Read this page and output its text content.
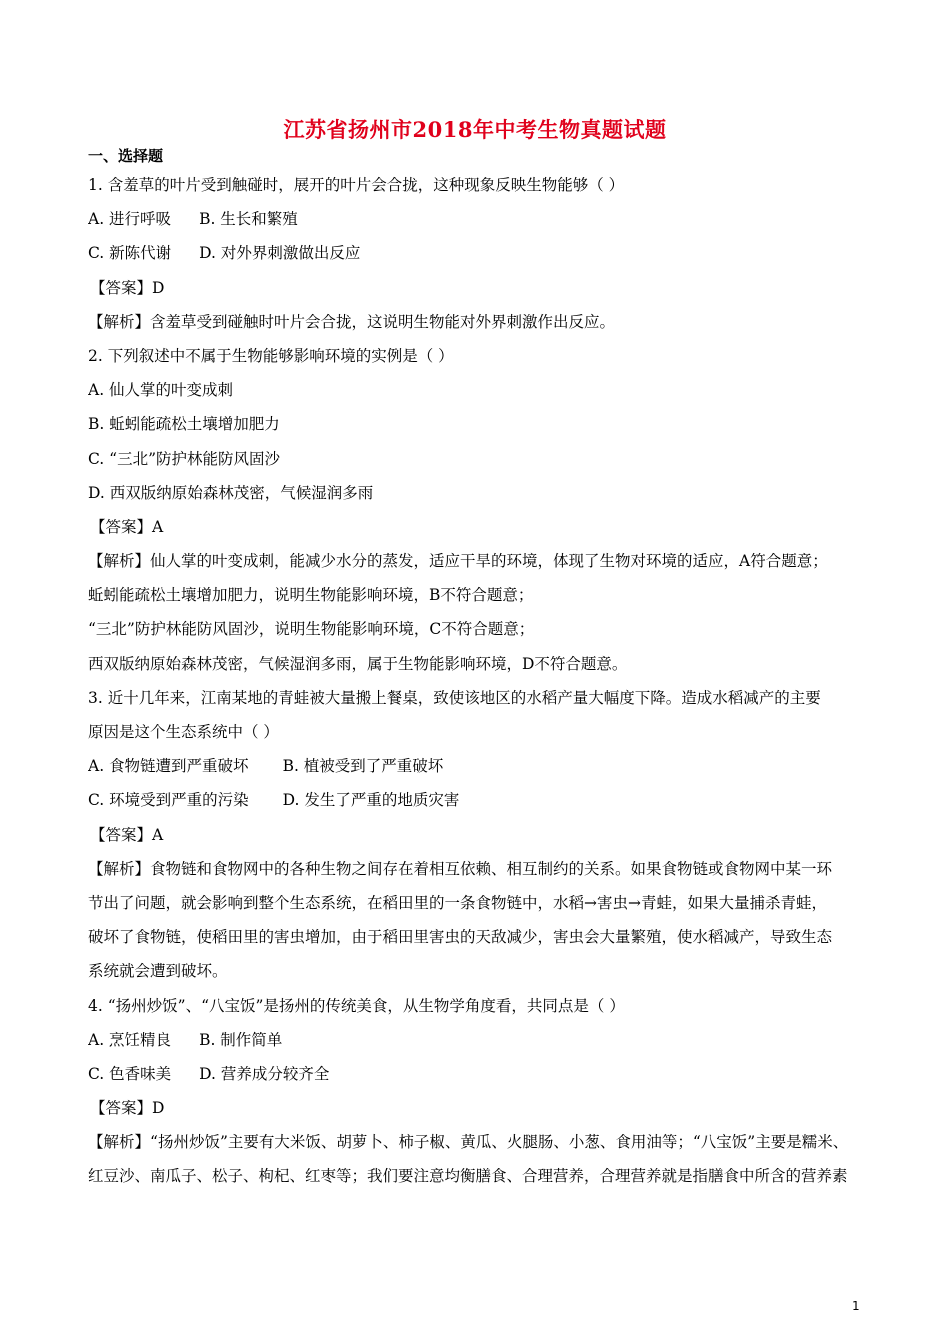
江苏省扬州市2018年中考生物真题试题
一、选择题
1. 含羞草的叶片受到触碰时，展开的叶片会合拢，这种现象反映生物能够（ ）
A. 进行呼吸 B. 生长和繁殖
C. 新陈代谢 D. 对外界刺激做出反应
【答案】D
【解析】含羞草受到碰触时叶片会合拢，这说明生物能对外界刺激作出反应。
2. 下列叙述中不属于生物能够影响环境的实例是（ ）
A. 仙人掌的叶变成刺
B. 蚯蚓能疏松土壤增加肥力
C. “三北”防护林能防风固沙
D. 西双版纳原始森林茂密，气候湿润多雨
【答案】A
【解析】仙人掌的叶变成刺，能减少水分的蒸发，适应干旱的环境，体现了生物对环境的适应，A符合题意；
蚯蚓能疏松土壤增加肥力，说明生物能影响环境，B不符合题意；
“三北”防护林能防风固沙，说明生物能影响环境，C不符合题意；
西双版纳原始森林茂密，气候湿润多雨，属于生物能影响环境，D不符合题意。
3. 近十几年来，江南某地的青蛙被大量搬上餐桌，致使该地区的水稻产量大幅度下降。造成水稻减产的主要
原因是这个生态系统中（ ）
A. 食物链遭到严重破坏 B. 植被受到了严重破坏
C. 环境受到严重的污染 D. 发生了严重的地质灾害
【答案】A
【解析】食物链和食物网中的各种生物之间存在着相互依赖、相互制约的关系。如果食物链或食物网中某一环
节出了问题，就会影响到整个生态系统，在稻田里的一条食物链中，水稻→害虫→青蛙，如果大量捕杀青蛙，
破坏了食物链，使稻田里的害虫增加，由于稻田里害虫的天敌减少，害虫会大量繁殖，使水稻减产，导致生态
系统就会遭到破坏。
4. “扬州炒饭”、“八宝饭”是扬州的传统美食，从生物学角度看，共同点是（ ）
A. 烹饪精良 B. 制作简单
C. 色香味美 D. 营养成分较齐全
【答案】D
【解析】“扬州炒饭”主要有大米饭、胡萝卜、柿子椒、黄瓜、火腿肠、小葱、食用油等；“八宝饭”主要是糯米、
红豆沙、南瓜子、松子、枸杞、红枣等；我们要注意均衡膳食、合理营养，合理营养就是指膳食中所含的营养素
1
